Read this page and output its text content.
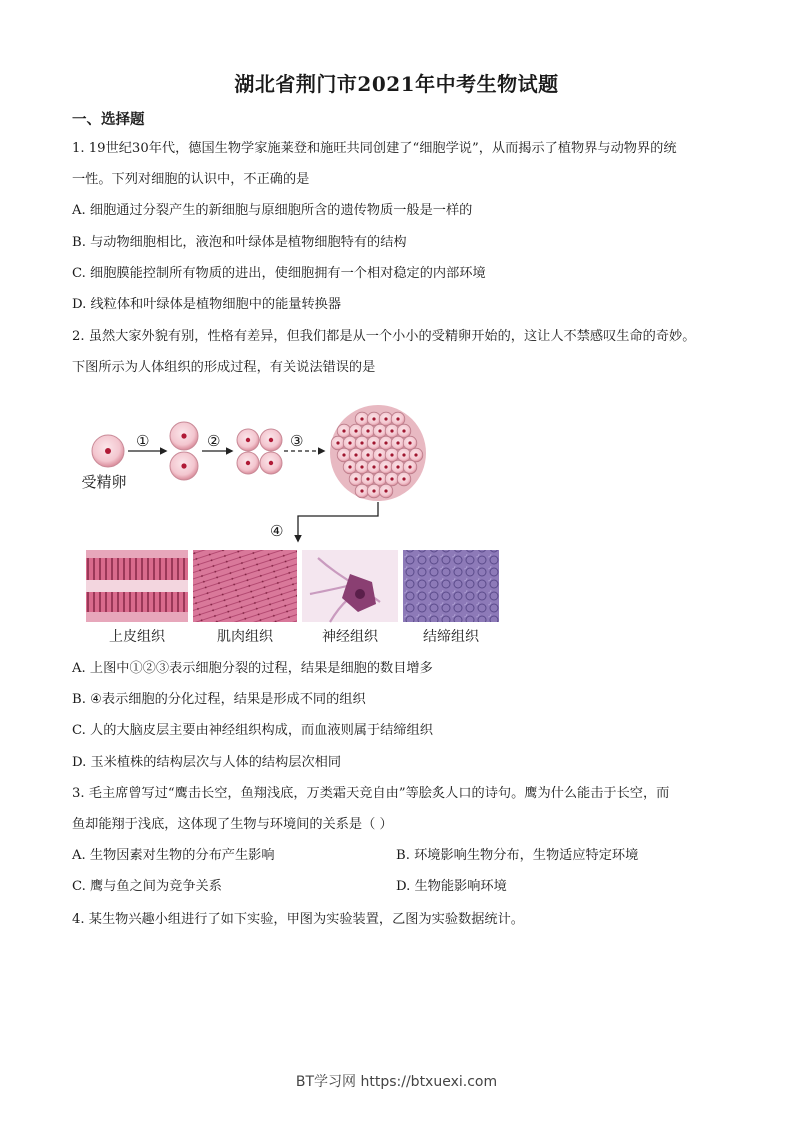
湖北省荆门市2021年中考生物试题
一、选择题
1. 19世纪30年代，德国生物学家施莱登和施旺共同创建了“细胞学说”，从而揭示了植物界与动物界的统
一性。下列对细胞的认识中，不正确的是
A. 细胞通过分裂产生的新细胞与原细胞所含的遗传物质一般是一样的
B. 与动物细胞相比，液泡和叶绿体是植物细胞特有的结构
C. 细胞膜能控制所有物质的进出，使细胞拥有一个相对稳定的内部环境
D. 线粒体和叶绿体是植物细胞中的能量转换器
2. 虽然大家外貌有别，性格有差异，但我们都是从一个小小的受精卵开始的，这让人不禁感叹生命的奇妙。
下图所示为人体组织的形成过程，有关说法错误的是
①	②	③
④
受精卵
上皮组织	肌肉组织	神经组织	结缔组织
A. 上图中①②③表示细胞分裂的过程，结果是细胞的数目增多
B. ④表示细胞的分化过程，结果是形成不同的组织
C. 人的大脑皮层主要由神经组织构成，而血液则属于结缔组织
D. 玉米植株的结构层次与人体的结构层次相同
3. 毛主席曾写过“鹰击长空，鱼翔浅底，万类霜天竞自由”等脍炙人口的诗句。鹰为什么能击于长空，而
鱼却能翔于浅底，这体现了生物与环境间的关系是（ ）
A. 生物因素对生物的分布产生影响	B. 环境影响生物分布，生物适应特定环境
C. 鹰与鱼之间为竞争关系	D. 生物能影响环境
4. 某生物兴趣小组进行了如下实验，甲图为实验装置，乙图为实验数据统计。
BT学习网 https://btxuexi.com
